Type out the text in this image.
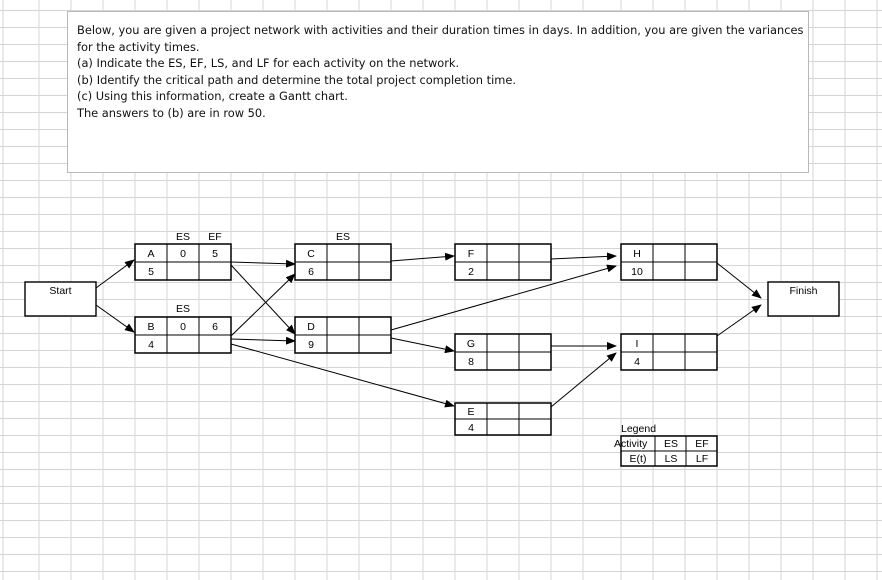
Below, you are given a project network with activities and their duration times in days. In addition, you are given the variances
for the activity times.
(a) Indicate the ES, EF, LS, and LF for each activity on the network.
(b) Identify the critical path and determine the total project completion time.
(c) Using this information, create a Gantt chart.
The answers to (b) are in row 50.
Start	Finish
ES EF
ES
ES
A
5
0 5
B
4
0 6
C
6
D
9
F
2
G
8
E
4
H
10
I
4
Legend
Activity ES EF
E(t) LS LF
